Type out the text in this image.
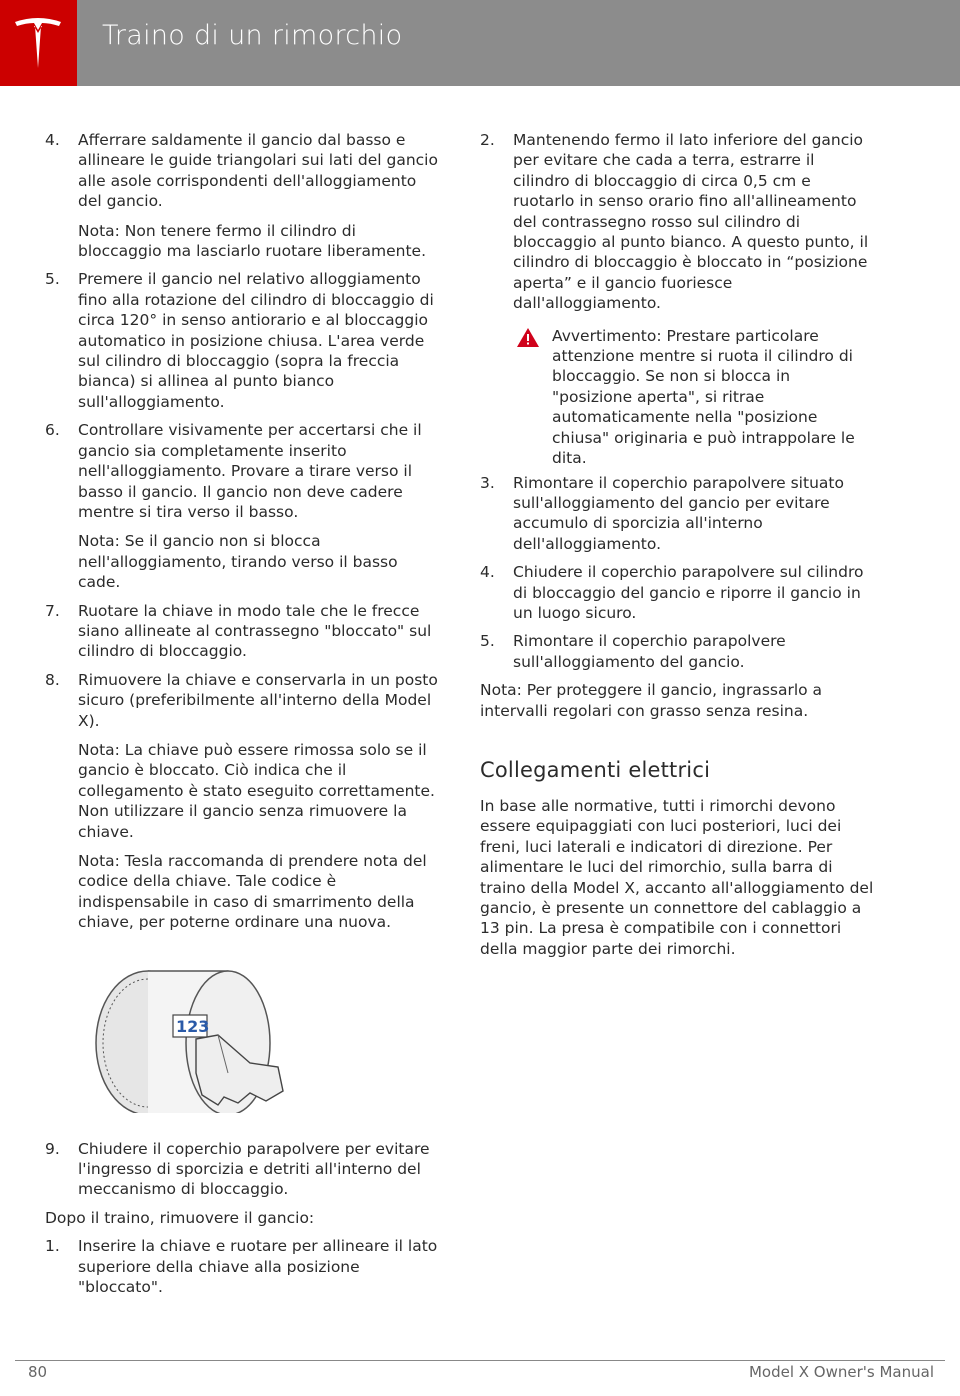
Traino di un rimorchio
4. Afferrare saldamente il gancio dal basso e allineare le guide triangolari sui lati del gancio alle asole corrispondenti dell'alloggiamento del gancio.
Nota: Non tenere fermo il cilindro di bloccaggio ma lasciarlo ruotare liberamente.
5. Premere il gancio nel relativo alloggiamento fino alla rotazione del cilindro di bloccaggio di circa 120° in senso antiorario e al bloccaggio automatico in posizione chiusa. L'area verde sul cilindro di bloccaggio (sopra la freccia bianca) si allinea al punto bianco sull'alloggiamento.
6. Controllare visivamente per accertarsi che il gancio sia completamente inserito nell'alloggiamento. Provare a tirare verso il basso il gancio. Il gancio non deve cadere mentre si tira verso il basso.
Nota: Se il gancio non si blocca nell'alloggiamento, tirando verso il basso cade.
7. Ruotare la chiave in modo tale che le frecce siano allineate al contrassegno "bloccato" sul cilindro di bloccaggio.
8. Rimuovere la chiave e conservarla in un posto sicuro (preferibilmente all'interno della Model X).
Nota: La chiave può essere rimossa solo se il gancio è bloccato. Ciò indica che il collegamento è stato eseguito correttamente. Non utilizzare il gancio senza rimuovere la chiave.
Nota: Tesla raccomanda di prendere nota del codice della chiave. Tale codice è indispensabile in caso di smarrimento della chiave, per poterne ordinare una nuova.
123
9. Chiudere il coperchio parapolvere per evitare l'ingresso di sporcizia e detriti all'interno del meccanismo di bloccaggio.
Dopo il traino, rimuovere il gancio:
1. Inserire la chiave e ruotare per allineare il lato superiore della chiave alla posizione "bloccato".
2. Mantenendo fermo il lato inferiore del gancio per evitare che cada a terra, estrarre il cilindro di bloccaggio di circa 0,5 cm e ruotarlo in senso orario fino all'allineamento del contrassegno rosso sul cilindro di bloccaggio al punto bianco. A questo punto, il cilindro di bloccaggio è bloccato in “posizione aperta” e il gancio fuoriesce dall'alloggiamento.
Avvertimento: Prestare particolare attenzione mentre si ruota il cilindro di bloccaggio. Se non si blocca in "posizione aperta", si ritrae automaticamente nella "posizione chiusa" originaria e può intrappolare le dita.
3. Rimontare il coperchio parapolvere situato sull'alloggiamento del gancio per evitare accumulo di sporcizia all'interno dell'alloggiamento.
4. Chiudere il coperchio parapolvere sul cilindro di bloccaggio del gancio e riporre il gancio in un luogo sicuro.
5. Rimontare il coperchio parapolvere sull'alloggiamento del gancio.
Nota: Per proteggere il gancio, ingrassarlo a intervalli regolari con grasso senza resina.
Collegamenti elettrici
In base alle normative, tutti i rimorchi devono essere equipaggiati con luci posteriori, luci dei freni, luci laterali e indicatori di direzione. Per alimentare le luci del rimorchio, sulla barra di traino della Model X, accanto all'alloggiamento del gancio, è presente un connettore del cablaggio a 13 pin. La presa è compatibile con i connettori della maggior parte dei rimorchi.
80	Model X Owner's Manual
